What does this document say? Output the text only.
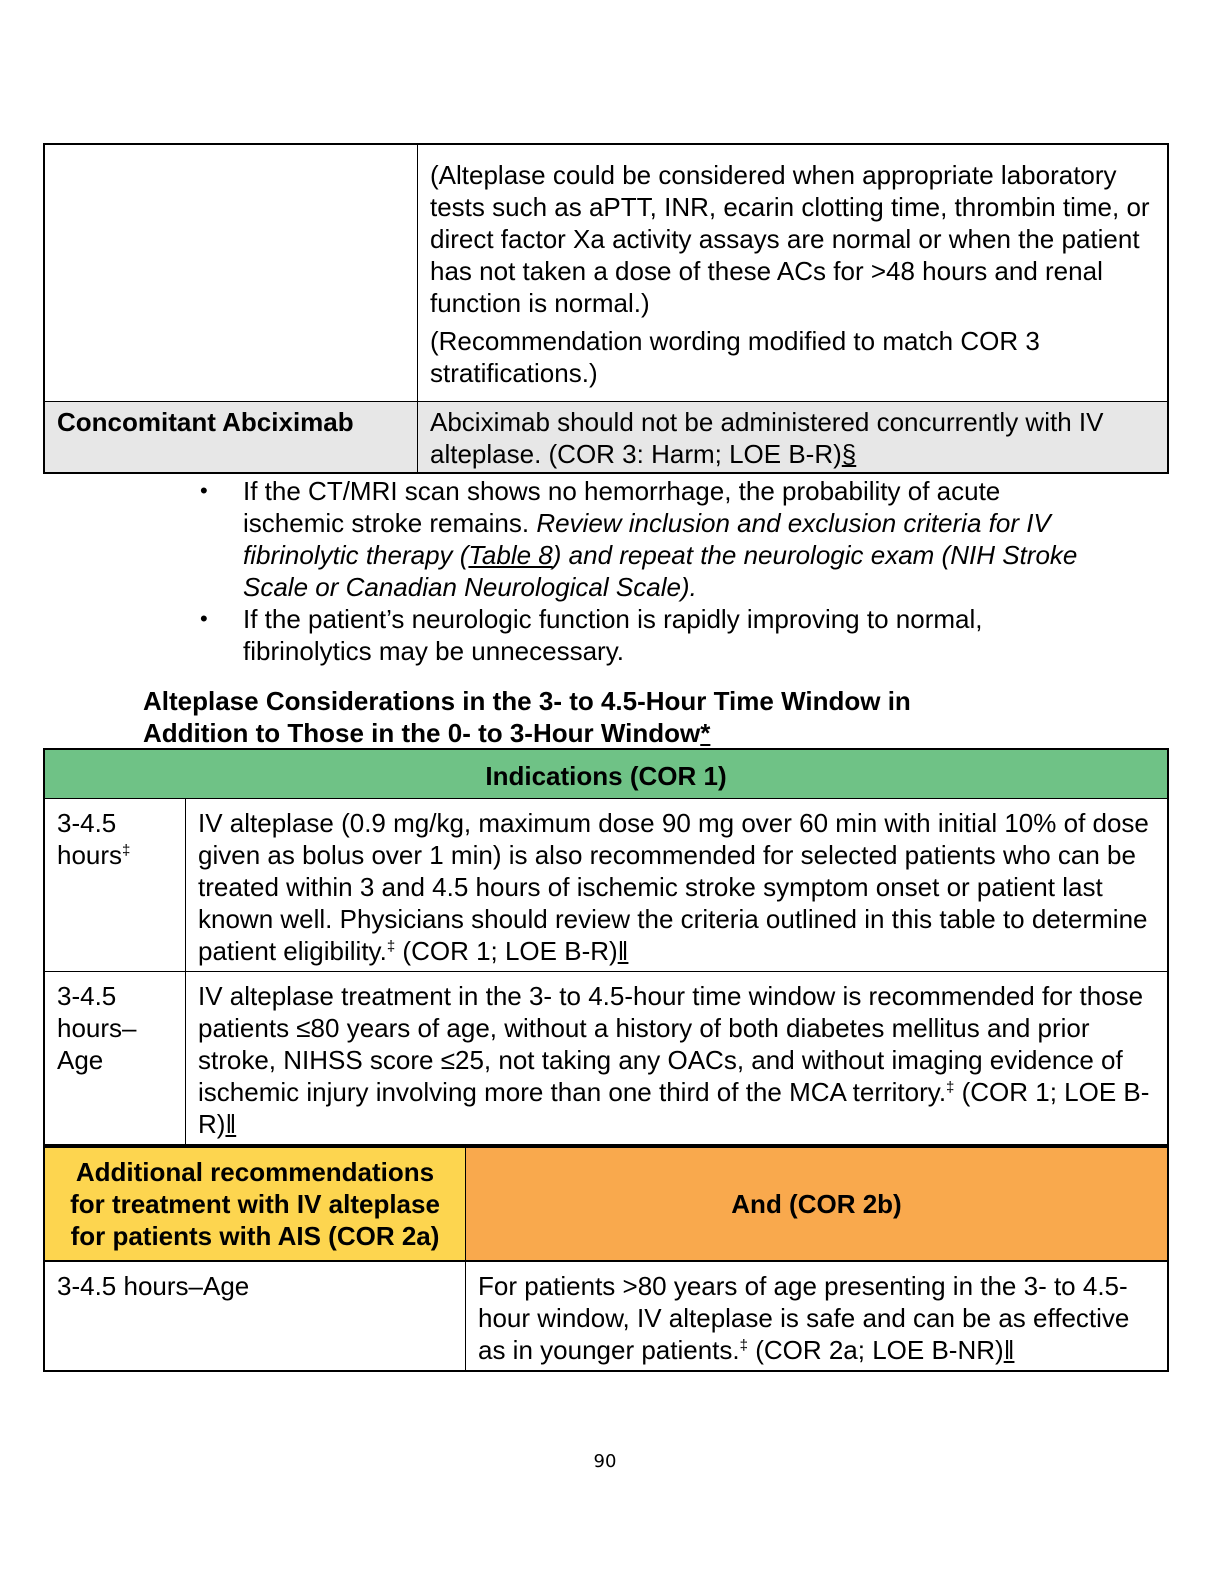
	(Alteplase could be considered when appropriate laboratory tests such as aPTT, INR, ecarin clotting time, thrombin time, or direct factor Xa activity assays are normal or when the patient has not taken a dose of these ACs for >48 hours and renal function is normal.)

(Recommendation wording modified to match COR 3 stratifications.)

Concomitant Abciximab	Abciximab should not be administered concurrently with IV alteplase. (COR 3: Harm; LOE B-R)§
• If the CT/MRI scan shows no hemorrhage, the probability of acute ischemic stroke remains. Review inclusion and exclusion criteria for IV fibrinolytic therapy (Table 8) and repeat the neurologic exam (NIH Stroke Scale or Canadian Neurological Scale).
• If the patient’s neurologic function is rapidly improving to normal, fibrinolytics may be unnecessary.
Alteplase Considerations in the 3- to 4.5-Hour Time Window in
Addition to Those in the 0- to 3-Hour Window*
Indications (COR 1)	
3-4.5 hours‡	IV alteplase (0.9 mg/kg, maximum dose 90 mg over 60 min with initial 10% of dose given as bolus over 1 min) is also recommended for selected patients who can be treated within 3 and 4.5 hours of ischemic stroke symptom onset or patient last known well. Physicians should review the criteria outlined in this table to determine patient eligibility.‡ (COR 1; LOE B-R)‖
3-4.5 hours–Age	IV alteplase treatment in the 3- to 4.5-hour time window is recommended for those patients ≤80 years of age, without a history of both diabetes mellitus and prior stroke, NIHSS score ≤25, not taking any OACs, and without imaging evidence of ischemic injury involving more than one third of the MCA territory.‡ (COR 1; LOE B-R)‖
Additional recommendations for treatment with IV alteplase for patients with AIS (COR 2a)	And (COR 2b)
3-4.5 hours–Age	For patients >80 years of age presenting in the 3- to 4.5-hour window, IV alteplase is safe and can be as effective as in younger patients.‡ (COR 2a; LOE B-NR)‖
90
